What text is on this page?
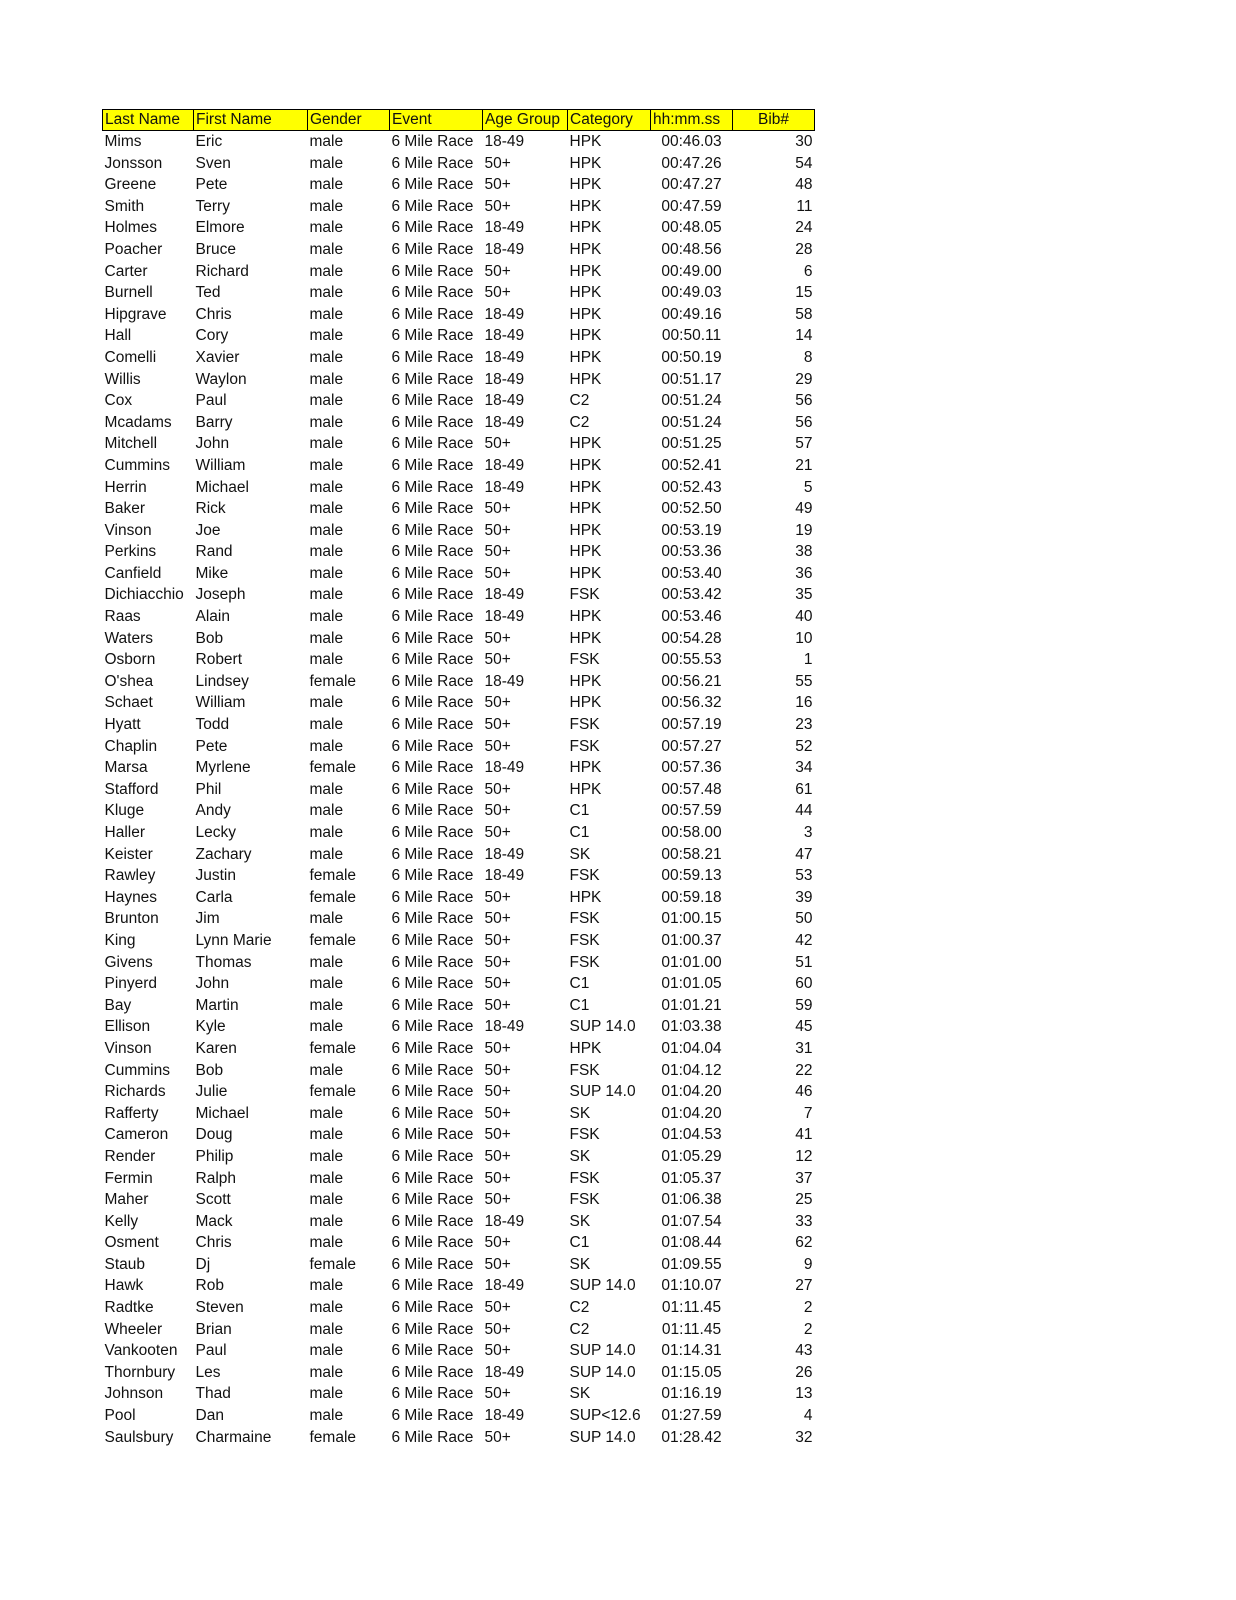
Last Name	First Name	Gender	Event	Age Group	Category	hh:mm.ss	Bib#
Mims	Eric	male	6 Mile Race	18-49	HPK	00:46.03	30
Jonsson	Sven	male	6 Mile Race	50+	HPK	00:47.26	54
Greene	Pete	male	6 Mile Race	50+	HPK	00:47.27	48
Smith	Terry	male	6 Mile Race	50+	HPK	00:47.59	11
Holmes	Elmore	male	6 Mile Race	18-49	HPK	00:48.05	24
Poacher	Bruce	male	6 Mile Race	18-49	HPK	00:48.56	28
Carter	Richard	male	6 Mile Race	50+	HPK	00:49.00	6
Burnell	Ted	male	6 Mile Race	50+	HPK	00:49.03	15
Hipgrave	Chris	male	6 Mile Race	18-49	HPK	00:49.16	58
Hall	Cory	male	6 Mile Race	18-49	HPK	00:50.11	14
Comelli	Xavier	male	6 Mile Race	18-49	HPK	00:50.19	8
Willis	Waylon	male	6 Mile Race	18-49	HPK	00:51.17	29
Cox	Paul	male	6 Mile Race	18-49	C2	00:51.24	56
Mcadams	Barry	male	6 Mile Race	18-49	C2	00:51.24	56
Mitchell	John	male	6 Mile Race	50+	HPK	00:51.25	57
Cummins	William	male	6 Mile Race	18-49	HPK	00:52.41	21
Herrin	Michael	male	6 Mile Race	18-49	HPK	00:52.43	5
Baker	Rick	male	6 Mile Race	50+	HPK	00:52.50	49
Vinson	Joe	male	6 Mile Race	50+	HPK	00:53.19	19
Perkins	Rand	male	6 Mile Race	50+	HPK	00:53.36	38
Canfield	Mike	male	6 Mile Race	50+	HPK	00:53.40	36
Dichiacchio	Joseph	male	6 Mile Race	18-49	FSK	00:53.42	35
Raas	Alain	male	6 Mile Race	18-49	HPK	00:53.46	40
Waters	Bob	male	6 Mile Race	50+	HPK	00:54.28	10
Osborn	Robert	male	6 Mile Race	50+	FSK	00:55.53	1
O'shea	Lindsey	female	6 Mile Race	18-49	HPK	00:56.21	55
Schaet	William	male	6 Mile Race	50+	HPK	00:56.32	16
Hyatt	Todd	male	6 Mile Race	50+	FSK	00:57.19	23
Chaplin	Pete	male	6 Mile Race	50+	FSK	00:57.27	52
Marsa	Myrlene	female	6 Mile Race	18-49	HPK	00:57.36	34
Stafford	Phil	male	6 Mile Race	50+	HPK	00:57.48	61
Kluge	Andy	male	6 Mile Race	50+	C1	00:57.59	44
Haller	Lecky	male	6 Mile Race	50+	C1	00:58.00	3
Keister	Zachary	male	6 Mile Race	18-49	SK	00:58.21	47
Rawley	Justin	female	6 Mile Race	18-49	FSK	00:59.13	53
Haynes	Carla	female	6 Mile Race	50+	HPK	00:59.18	39
Brunton	Jim	male	6 Mile Race	50+	FSK	01:00.15	50
King	Lynn Marie	female	6 Mile Race	50+	FSK	01:00.37	42
Givens	Thomas	male	6 Mile Race	50+	FSK	01:01.00	51
Pinyerd	John	male	6 Mile Race	50+	C1	01:01.05	60
Bay	Martin	male	6 Mile Race	50+	C1	01:01.21	59
Ellison	Kyle	male	6 Mile Race	18-49	SUP 14.0	01:03.38	45
Vinson	Karen	female	6 Mile Race	50+	HPK	01:04.04	31
Cummins	Bob	male	6 Mile Race	50+	FSK	01:04.12	22
Richards	Julie	female	6 Mile Race	50+	SUP 14.0	01:04.20	46
Rafferty	Michael	male	6 Mile Race	50+	SK	01:04.20	7
Cameron	Doug	male	6 Mile Race	50+	FSK	01:04.53	41
Render	Philip	male	6 Mile Race	50+	SK	01:05.29	12
Fermin	Ralph	male	6 Mile Race	50+	FSK	01:05.37	37
Maher	Scott	male	6 Mile Race	50+	FSK	01:06.38	25
Kelly	Mack	male	6 Mile Race	18-49	SK	01:07.54	33
Osment	Chris	male	6 Mile Race	50+	C1	01:08.44	62
Staub	Dj	female	6 Mile Race	50+	SK	01:09.55	9
Hawk	Rob	male	6 Mile Race	18-49	SUP 14.0	01:10.07	27
Radtke	Steven	male	6 Mile Race	50+	C2	01:11.45	2
Wheeler	Brian	male	6 Mile Race	50+	C2	01:11.45	2
Vankooten	Paul	male	6 Mile Race	50+	SUP 14.0	01:14.31	43
Thornbury	Les	male	6 Mile Race	18-49	SUP 14.0	01:15.05	26
Johnson	Thad	male	6 Mile Race	50+	SK	01:16.19	13
Pool	Dan	male	6 Mile Race	18-49	SUP<12.6	01:27.59	4
Saulsbury	Charmaine	female	6 Mile Race	50+	SUP 14.0	01:28.42	32
